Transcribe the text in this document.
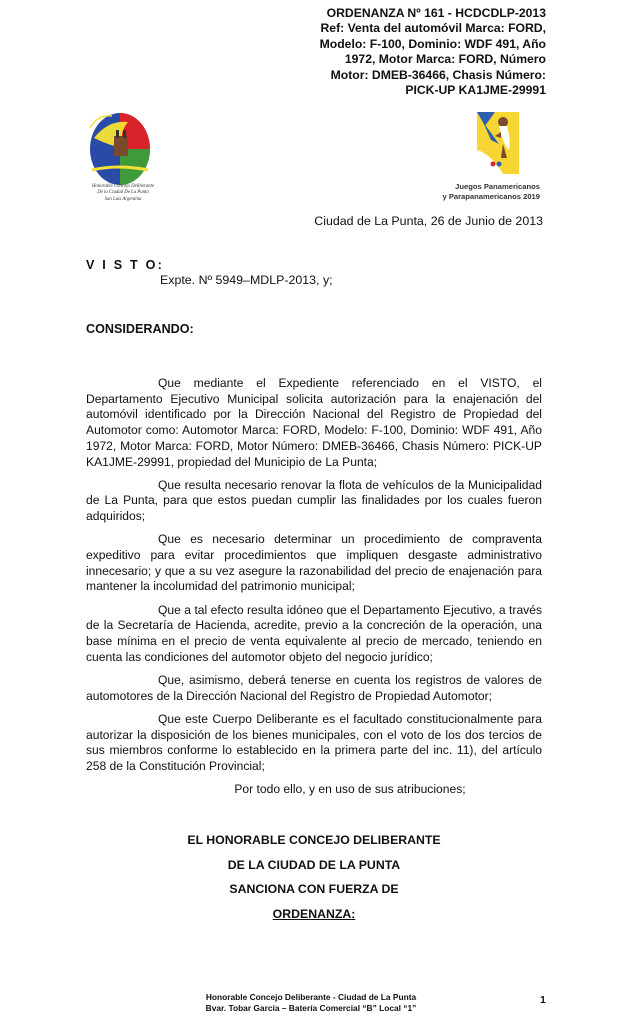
ORDENANZA Nº 161 - HCDCDLP-2013
Ref: Venta del automóvil Marca: FORD,
Modelo: F-100, Dominio: WDF 491, Año
1972, Motor Marca: FORD, Número
Motor: DMEB-36466, Chasis Número:
PICK-UP KA1JME-29991
Honorable Concejo Deliberante
De la Ciudad De La Punta
San Luis Argentina
Juegos Panamericanos
y Parapanamericanos 2019
Ciudad de La Punta, 26 de Junio de 2013
V I S T O:
Expte. Nº 5949–MDLP-2013, y;
CONSIDERANDO:

Que mediante el Expediente referenciado en el VISTO, el Departamento Ejecutivo Municipal solicita autorización para la enajenación del automóvil identificado por la Dirección Nacional del Registro de Propiedad del Automotor como: Automotor Marca: FORD, Modelo: F-100, Dominio: WDF 491, Año 1972, Motor Marca: FORD, Motor Número: DMEB-36466, Chasis Número: PICK-UP KA1JME-29991, propiedad del Municipio de La Punta;

Que resulta necesario renovar la flota de vehículos de la Municipalidad de La Punta, para que estos puedan cumplir las finalidades por los cuales fueron adquiridos;

Que es necesario determinar un procedimiento de compraventa expeditivo para evitar procedimientos que impliquen desgaste administrativo innecesario; y que a su vez asegure la razonabilidad del precio de enajenación para mantener la incolumidad del patrimonio municipal;

Que a tal efecto resulta idóneo que el Departamento Ejecutivo, a través de la Secretaría de Hacienda, acredite, previo a la concreción de la operación, una base mínima en el precio de venta equivalente al precio de mercado, teniendo en cuenta las condiciones del automotor objeto del negocio jurídico;

Que, asimismo, deberá tenerse en cuenta los registros de valores de automotores de la Dirección Nacional del Registro de Propiedad Automotor;

Que este Cuerpo Deliberante es el facultado constitucionalmente para autorizar la disposición de los bienes municipales, con el voto de los dos tercios de sus miembros conforme lo establecido en la primera parte del inc. 11), del artículo 258 de la Constitución Provincial;

Por todo ello, y en uso de sus atribuciones;

EL HONORABLE CONCEJO DELIBERANTE
DE LA CIUDAD DE LA PUNTA
SANCIONA CON FUERZA DE
ORDENANZA:
Honorable Concejo Deliberante - Ciudad de La Punta
Bvar. Tobar García – Batería Comercial “B” Local “1”
1
